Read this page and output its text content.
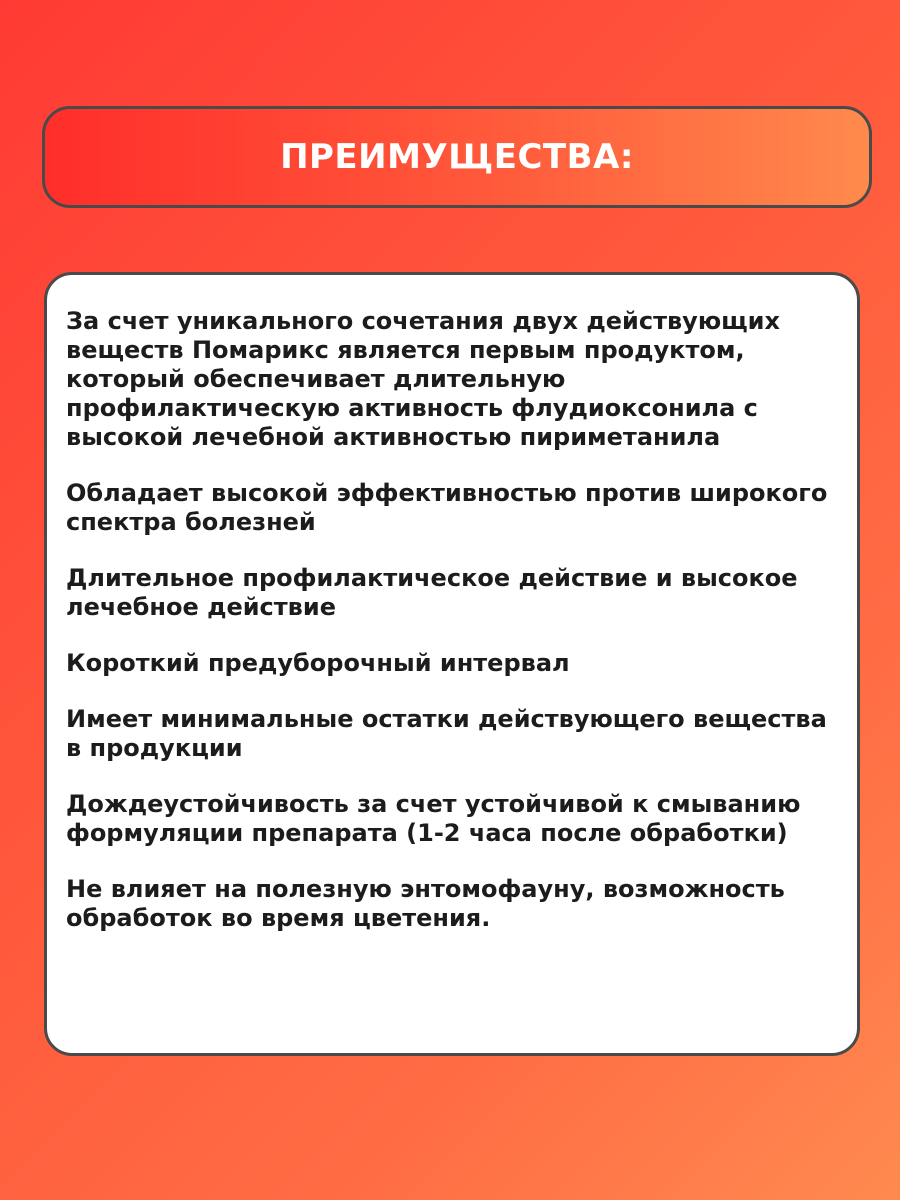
ПРЕИМУЩЕСТВА:

За счет уникального сочетания двух действующих веществ Помарикс является первым продуктом, который обеспечивает длительную профилактическую активность флудиоксонила с высокой лечебной активностью пириметанила

Обладает высокой эффективностью против широкого спектра болезней

Длительное профилактическое действие и высокое лечебное действие

Короткий предуборочный интервал

Имеет минимальные остатки действующего вещества в продукции

Дождеустойчивость за счет устойчивой к смыванию формуляции препарата (1-2 часа после обработки)

Не влияет на полезную энтомофауну, возможность обработок во время цветения.
